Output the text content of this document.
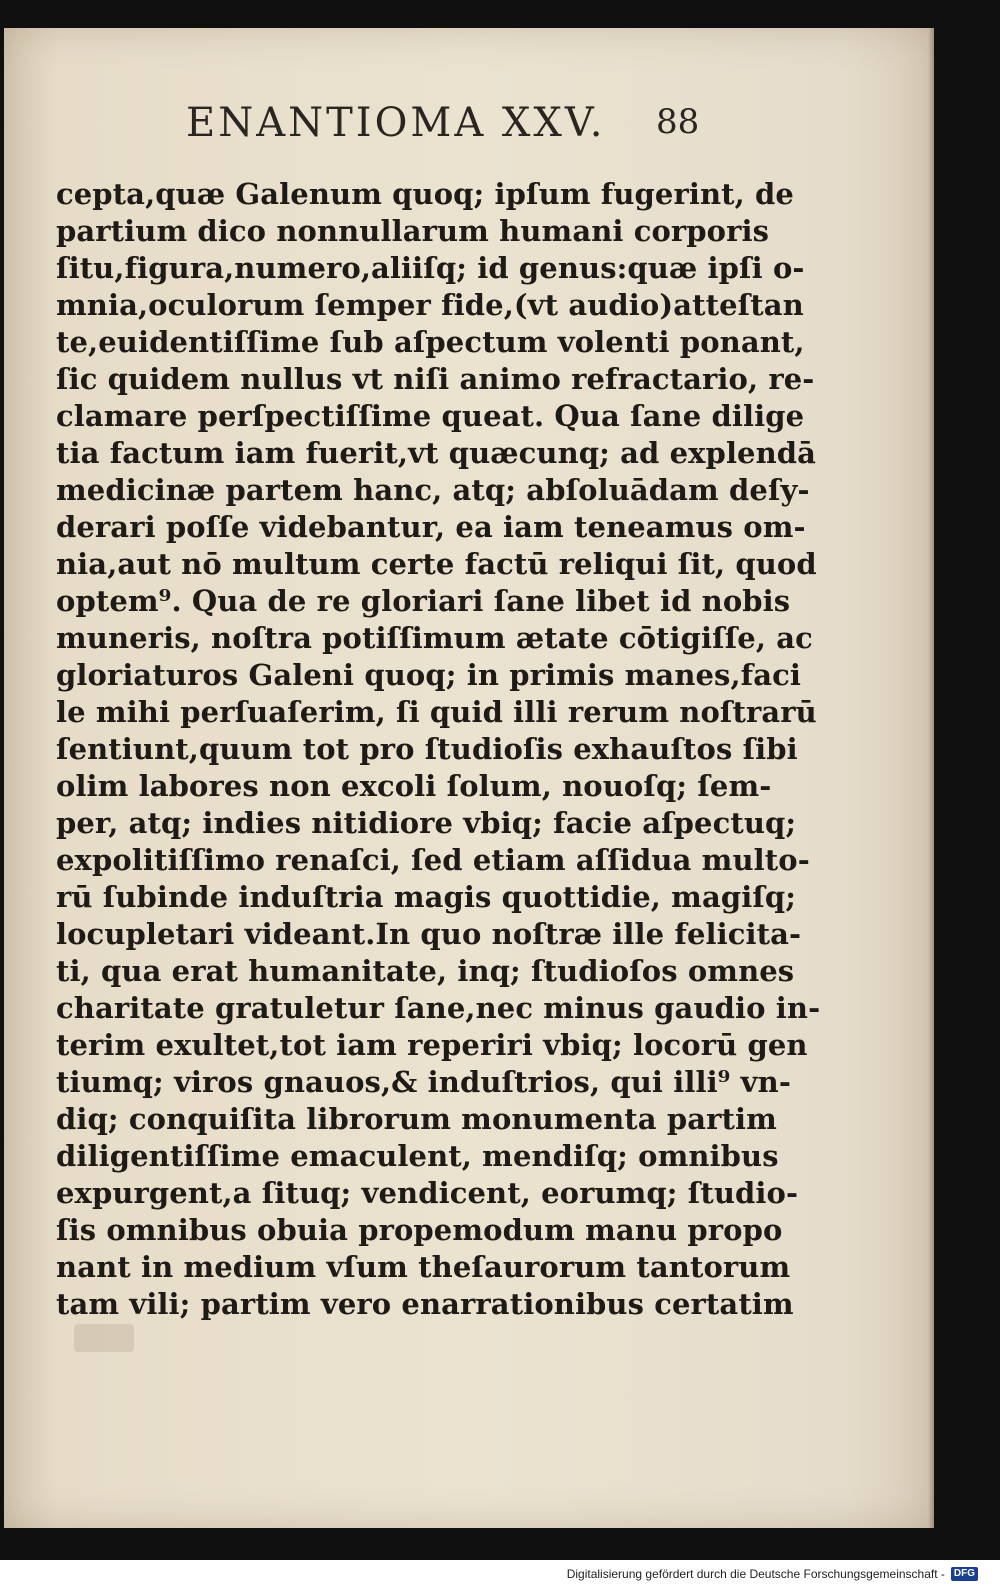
ENANTIOMA XXV. 88
cepta,quæ Galenum quoq; ipſum fugerint, de
partium dico nonnullarum humani corporis
ſitu,figura,numero,aliiſq; id genus:quæ ipſi o-
mnia,oculorum ſemper fide,(vt audio)atteſtan
te,euidentiſſime ſub aſpectum volenti ponant,
ſic quidem nullus vt niſi animo refractario, re-
clamare perſpectiſſime queat. Qua ſane dilige
tia factum iam fuerit,vt quæcunq; ad explendā
medicinæ partem hanc, atq; abſoluādam deſy-
derari poſſe videbantur, ea iam teneamus om-
nia,aut nō multum certe factū reliqui ſit, quod
optem⁹. Qua de re gloriari ſane libet id nobis
muneris, noſtra potiſſimum ætate cōtigiſſe, ac
gloriaturos Galeni quoq; in primis manes,faci
le mihi perſuaſerim, ſi quid illi rerum noſtrarū
ſentiunt,quum tot pro ſtudioſis exhauſtos ſibi
olim labores non excoli ſolum, nouoſq; ſem-
per, atq; indies nitidiore vbiq; facie aſpectuq;
expolitiſſimo renaſci, ſed etiam aſſidua multo-
rū ſubinde induſtria magis quottidie, magiſq;
locupletari videant.In quo noſtræ ille felicita-
ti, qua erat humanitate, inq; ſtudioſos omnes
charitate gratuletur ſane,nec minus gaudio in-
terim exultet,tot iam reperiri vbiq; locorū gen
tiumq; viros gnauos,& induſtrios, qui illi⁹ vn-
diq; conquiſita librorum monumenta partim
diligentiſſime emaculent, mendiſq; omnibus
expurgent,a ſituq; vendicent, eorumq; ſtudio-
ſis omnibus obuia propemodum manu propo
nant in medium vſum theſaurorum tantorum
tam vili; partim vero enarrationibus certatim
Digitalisierung gefördert durch die Deutsche Forschungsgemeinschaft - DFG
